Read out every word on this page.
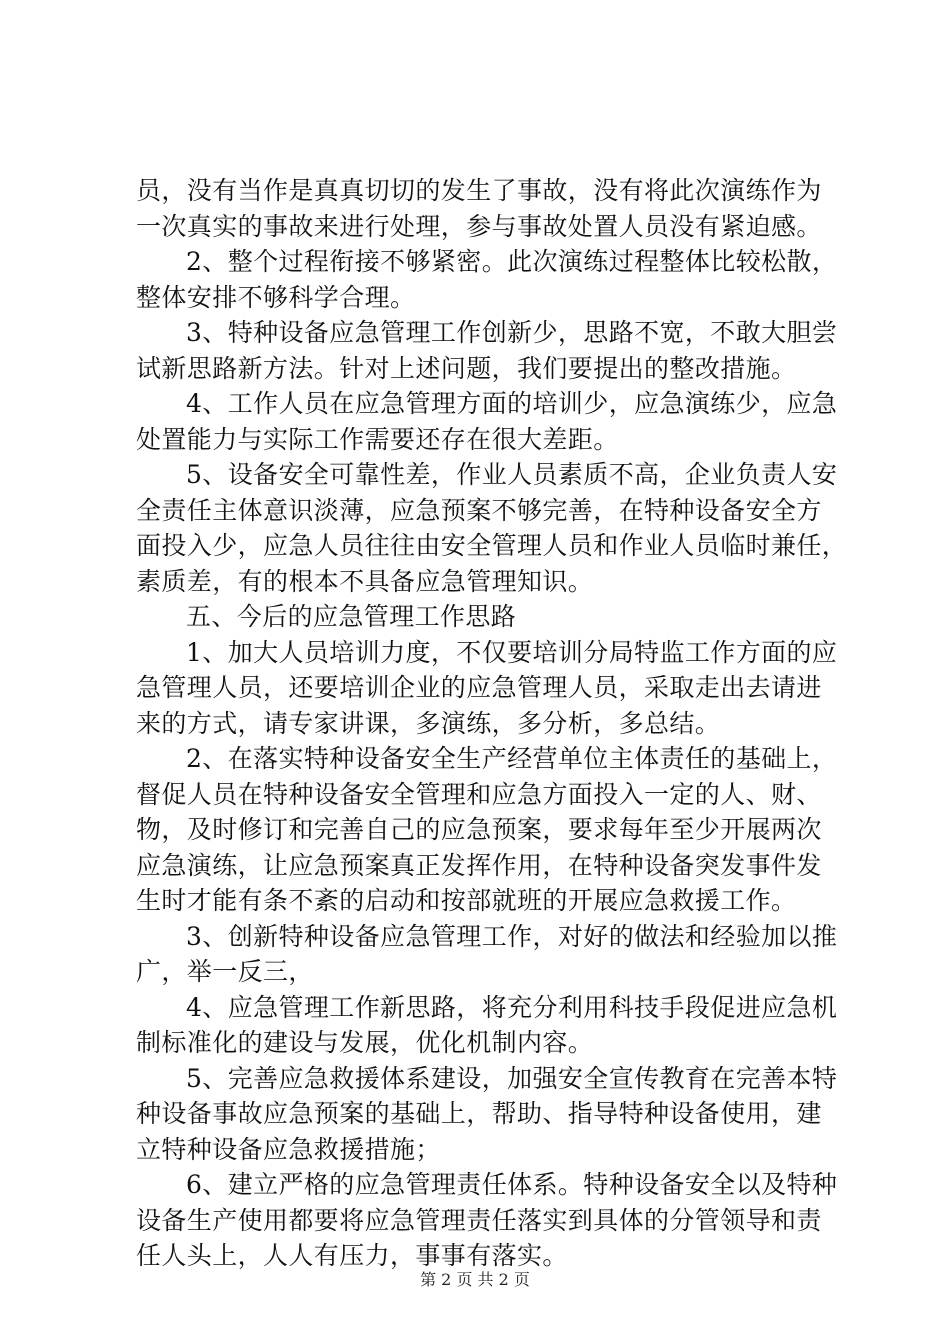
员，没有当作是真真切切的发生了事故，没有将此次演练作为
一次真实的事故来进行处理，参与事故处置人员没有紧迫感。
2、整个过程衔接不够紧密。此次演练过程整体比较松散，
整体安排不够科学合理。
3、特种设备应急管理工作创新少，思路不宽，不敢大胆尝
试新思路新方法。针对上述问题，我们要提出的整改措施。
4、工作人员在应急管理方面的培训少，应急演练少，应急
处置能力与实际工作需要还存在很大差距。
5、设备安全可靠性差，作业人员素质不高，企业负责人安
全责任主体意识淡薄，应急预案不够完善，在特种设备安全方
面投入少，应急人员往往由安全管理人员和作业人员临时兼任，
素质差，有的根本不具备应急管理知识。
五、今后的应急管理工作思路
1、加大人员培训力度，不仅要培训分局特监工作方面的应
急管理人员，还要培训企业的应急管理人员，采取走出去请进
来的方式，请专家讲课，多演练，多分析，多总结。
2、在落实特种设备安全生产经营单位主体责任的基础上，
督促人员在特种设备安全管理和应急方面投入一定的人、财、
物，及时修订和完善自己的应急预案，要求每年至少开展两次
应急演练，让应急预案真正发挥作用，在特种设备突发事件发
生时才能有条不紊的启动和按部就班的开展应急救援工作。
3、创新特种设备应急管理工作，对好的做法和经验加以推
广，举一反三，
4、应急管理工作新思路，将充分利用科技手段促进应急机
制标准化的建设与发展，优化机制内容。
5、完善应急救援体系建设，加强安全宣传教育在完善本特
种设备事故应急预案的基础上，帮助、指导特种设备使用，建
立特种设备应急救援措施；
6、建立严格的应急管理责任体系。特种设备安全以及特种
设备生产使用都要将应急管理责任落实到具体的分管领导和责
任人头上，人人有压力，事事有落实。
第 2 页 共 2 页
